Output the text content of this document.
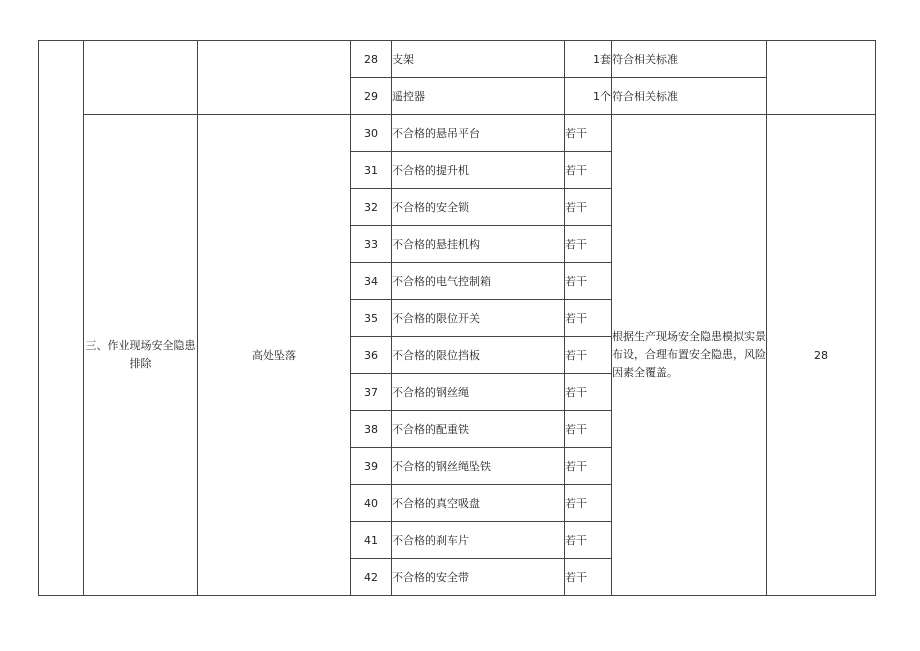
			28	支架	1套	符合相关标准	
			29	遥控器	1个	符合相关标准	
	三、作业现场安全隐患排除	高处坠落	30	不合格的悬吊平台	若干	根据生产现场安全隐患模拟实景布设，合理布置安全隐患，风险因素全覆盖。	28
			31	不合格的提升机	若干		
			32	不合格的安全锁	若干		
			33	不合格的悬挂机构	若干		
			34	不合格的电气控制箱	若干		
			35	不合格的限位开关	若干		
			36	不合格的限位挡板	若干		
			37	不合格的钢丝绳	若干		
			38	不合格的配重铁	若干		
			39	不合格的钢丝绳坠铁	若干		
			40	不合格的真空吸盘	若干		
			41	不合格的刹车片	若干		
			42	不合格的安全带	若干		
